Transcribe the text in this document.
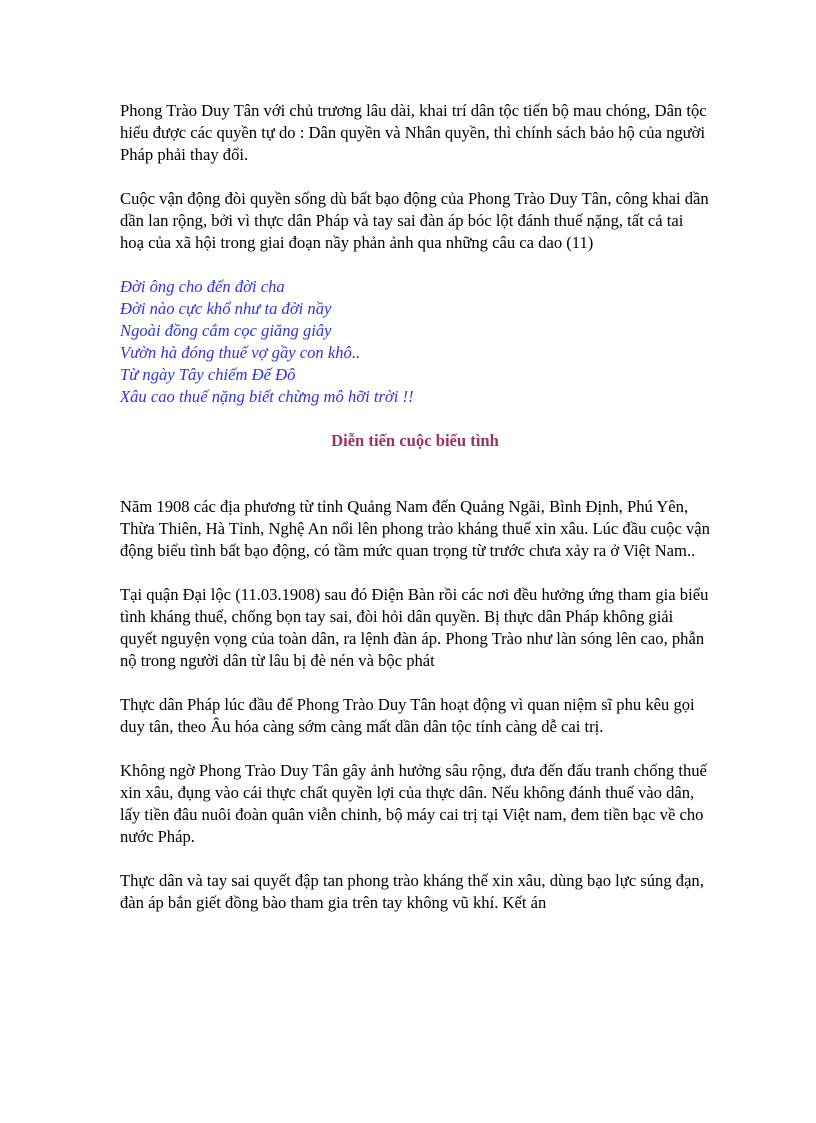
Phong Trào Duy Tân với chủ trương lâu dài, khai trí dân tộc tiến bộ mau chóng, Dân tộc hiểu được các quyền tự do : Dân quyền và Nhân quyền, thì chính sách bảo hộ của người Pháp phải thay đổi.

Cuộc vận động đòi quyền sống dù bất bạo động của Phong Trào Duy Tân, công khai dần dần lan rộng, bởi vì thực dân Pháp và tay sai đàn áp bóc lột đánh thuế nặng, tất cả tai hoạ của xã hội trong giai đoạn nầy phản ảnh qua những câu ca dao (11)

Đời ông cho đến đời cha
Đời nào cực khổ như ta đời nầy
Ngoài đồng cắm cọc giăng giây
Vườn hà đóng thuế vợ gầy con khô..
Từ ngày Tây chiếm Đế Đô
Xâu cao thuế nặng biết chừng mô hỡi trời !!
Diễn tiến cuộc biểu tình

Năm 1908 các địa phương từ tỉnh Quảng Nam đến Quảng Ngãi, Bình Định, Phú Yên, Thừa Thiên, Hà Tỉnh, Nghệ An nổi lên phong trào kháng thuế xin xâu. Lúc đầu cuộc vận động biểu tình bất bạo động, có tầm mức quan trọng từ trước chưa xảy ra ở Việt Nam..

Tại quận Đại lộc (11.03.1908) sau đó Điện Bàn rồi các nơi đều hưởng ứng tham gia biểu tình kháng thuế, chống bọn tay sai, đòi hỏi dân quyền. Bị thực dân Pháp không giải quyết nguyện vọng của toàn dân, ra lệnh đàn áp. Phong Trào như làn sóng lên cao, phẫn nộ trong người dân từ lâu bị đè nén và bộc phát

Thực dân Pháp lúc đầu để Phong Trào Duy Tân hoạt động vì quan niệm sĩ phu kêu gọi duy tân, theo Âu hóa càng sớm càng mất dần dân tộc tính càng dễ cai trị.

Không ngờ Phong Trào Duy Tân gây ảnh hưởng sâu rộng, đưa đến đấu tranh chống thuế xin xâu, đụng vào cái thực chất quyền lợi của thực dân. Nếu không đánh thuế vào dân, lấy tiền đâu nuôi đoàn quân viễn chinh, bộ máy cai trị tại Việt nam, đem tiền bạc về cho nước Pháp.

Thực dân và tay sai quyết đập tan phong trào kháng thế xin xâu, dùng bạo lực súng đạn, đàn áp bắn giết đồng bào tham gia trên tay không vũ khí. Kết án
